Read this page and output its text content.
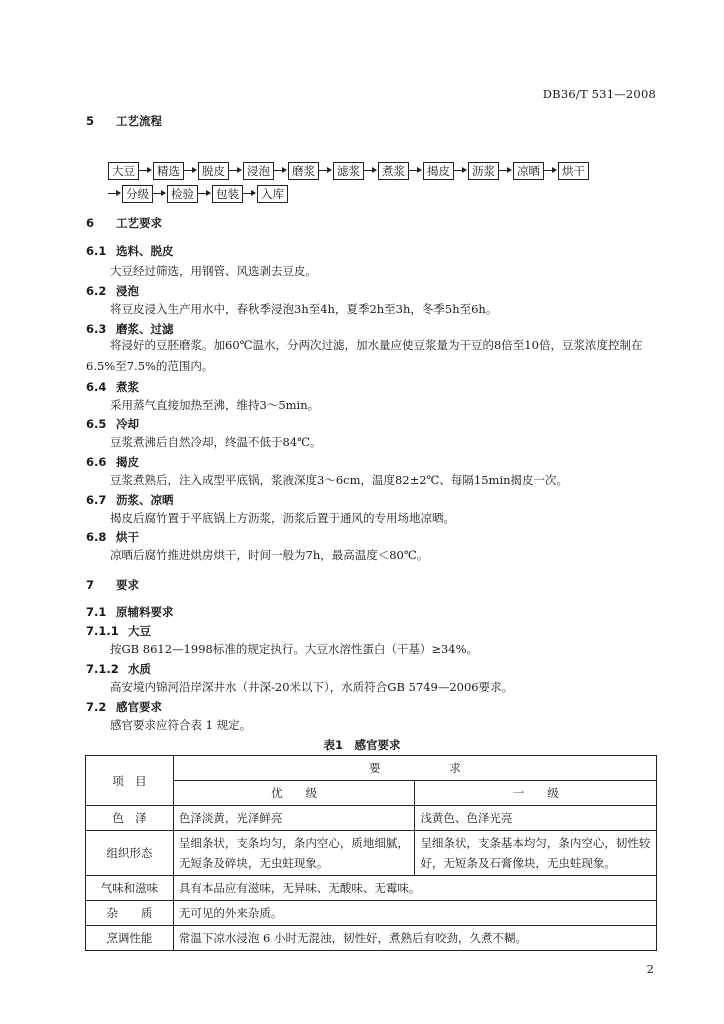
DB36/T 531—2008
5 工艺流程
大豆	精选	脱皮	浸泡	磨浆	滤浆	煮浆	揭皮	沥浆	凉晒	烘干
分级	检验	包装	入库
6 工艺要求
6.1 选料、脱皮
大豆经过筛选，用钢管、风选剥去豆皮。
6.2 浸泡
将豆皮浸入生产用水中，春秋季浸泡3h至4h，夏季2h至3h，冬季5h至6h。
6.3 磨浆、过滤
将浸好的豆胚磨浆。加60℃温水，分两次过滤，加水量应使豆浆量为干豆的8倍至10倍，豆浆浓度控制在6.5%至7.5%的范围内。
6.4 煮浆
采用蒸气直接加热至沸，维持3～5min。
6.5 冷却
豆浆煮沸后自然冷却，终温不低于84℃。
6.6 揭皮
豆浆煮熟后，注入成型平底锅，浆液深度3～6cm，温度82±2℃、每隔15min揭皮一次。
6.7 沥浆、凉晒
揭皮后腐竹置于平底锅上方沥浆，沥浆后置于通风的专用场地凉晒。
6.8 烘干
凉晒后腐竹推进烘房烘干，时间一般为7h，最高温度＜80℃。
7 要求
7.1 原辅料要求
7.1.1 大豆
按GB 8612—1998标准的规定执行。大豆水溶性蛋白（干基）≥34%。
7.1.2 水质
高安境内锦河沿岸深井水（井深-20米以下），水质符合GB 5749—2006要求。
7.2 感官要求
感官要求应符合表 1 规定。
表1　感官要求
项　目	要　　　　　　求	
	优　　级	一　　级
色　泽	色泽淡黄，光泽鲜亮	浅黄色、色泽光亮
组织形态	呈细条状，支条均匀，条内空心，质地细腻，无短条及碎块，无虫蛀现象。	呈细条状，支条基本均匀，条内空心，韧性较好，无短条及石膏像块，无虫蛀现象。
气味和滋味	具有本品应有滋味，无异味、无酸味、无霉味。	
杂　　质	无可见的外来杂质。	
烹调性能	常温下凉水浸泡 6 小时无混浊，韧性好，煮熟后有咬劲，久煮不糊。	
2
